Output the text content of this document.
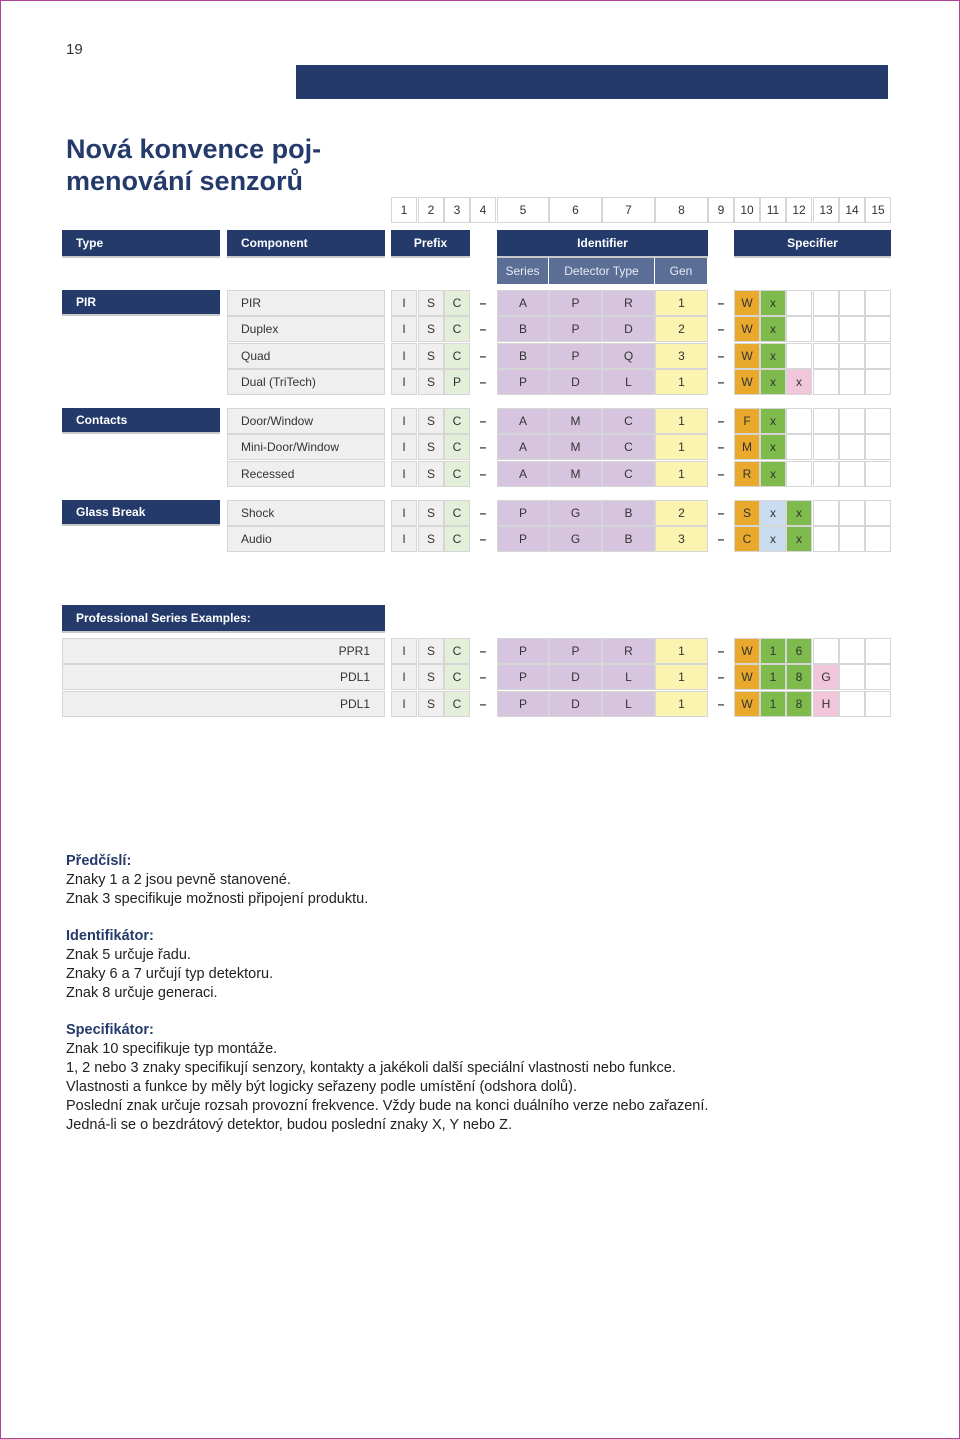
19
Nová konvence poj-
menování senzorů
1	2	3	4	5	6	7	8	9	10	11	12	13	14	15
Type	Component	Prefix	Identifier	Specifier
Series	Detector Type	Gen
PIR	PIR	I	S	C	–	A	P	R	1	–	W	x
Duplex	I	S	C	–	B	P	D	2	–	W	x
Quad	I	S	C	–	B	P	Q	3	–	W	x
Dual (TriTech)	I	S	P	–	P	D	L	1	–	W	x	x
Contacts	Door/Window	I	S	C	–	A	M	C	1	–	F	x
Mini-Door/Window	I	S	C	–	A	M	C	1	–	M	x
Recessed	I	S	C	–	A	M	C	1	–	R	x
Glass Break	Shock	I	S	C	–	P	G	B	2	–	S	x	x
Audio	I	S	C	–	P	G	B	3	–	C	x	x
Professional Series Examples:
PPR1	I	S	C	–	P	P	R	1	–	W	1	6
PDL1	I	S	C	–	P	D	L	1	–	W	1	8	G
PDL1	I	S	C	–	P	D	L	1	–	W	1	8	H
Předčíslí:
Znaky 1 a 2 jsou pevně stanovené.
Znak 3 specifikuje možnosti připojení produktu.
Identifikátor:
Znak 5 určuje řadu.
Znaky 6 a 7 určují typ detektoru.
Znak 8 určuje generaci.
Specifikátor:
Znak 10 specifikuje typ montáže.
1, 2 nebo 3 znaky specifikují senzory, kontakty a jakékoli další speciální vlastnosti nebo funkce.
Vlastnosti a funkce by měly být logicky seřazeny podle umístění (odshora dolů).
Poslední znak určuje rozsah provozní frekvence. Vždy bude na konci duálního verze nebo zařazení.
Jedná-li se o bezdrátový detektor, budou poslední znaky X, Y nebo Z.
